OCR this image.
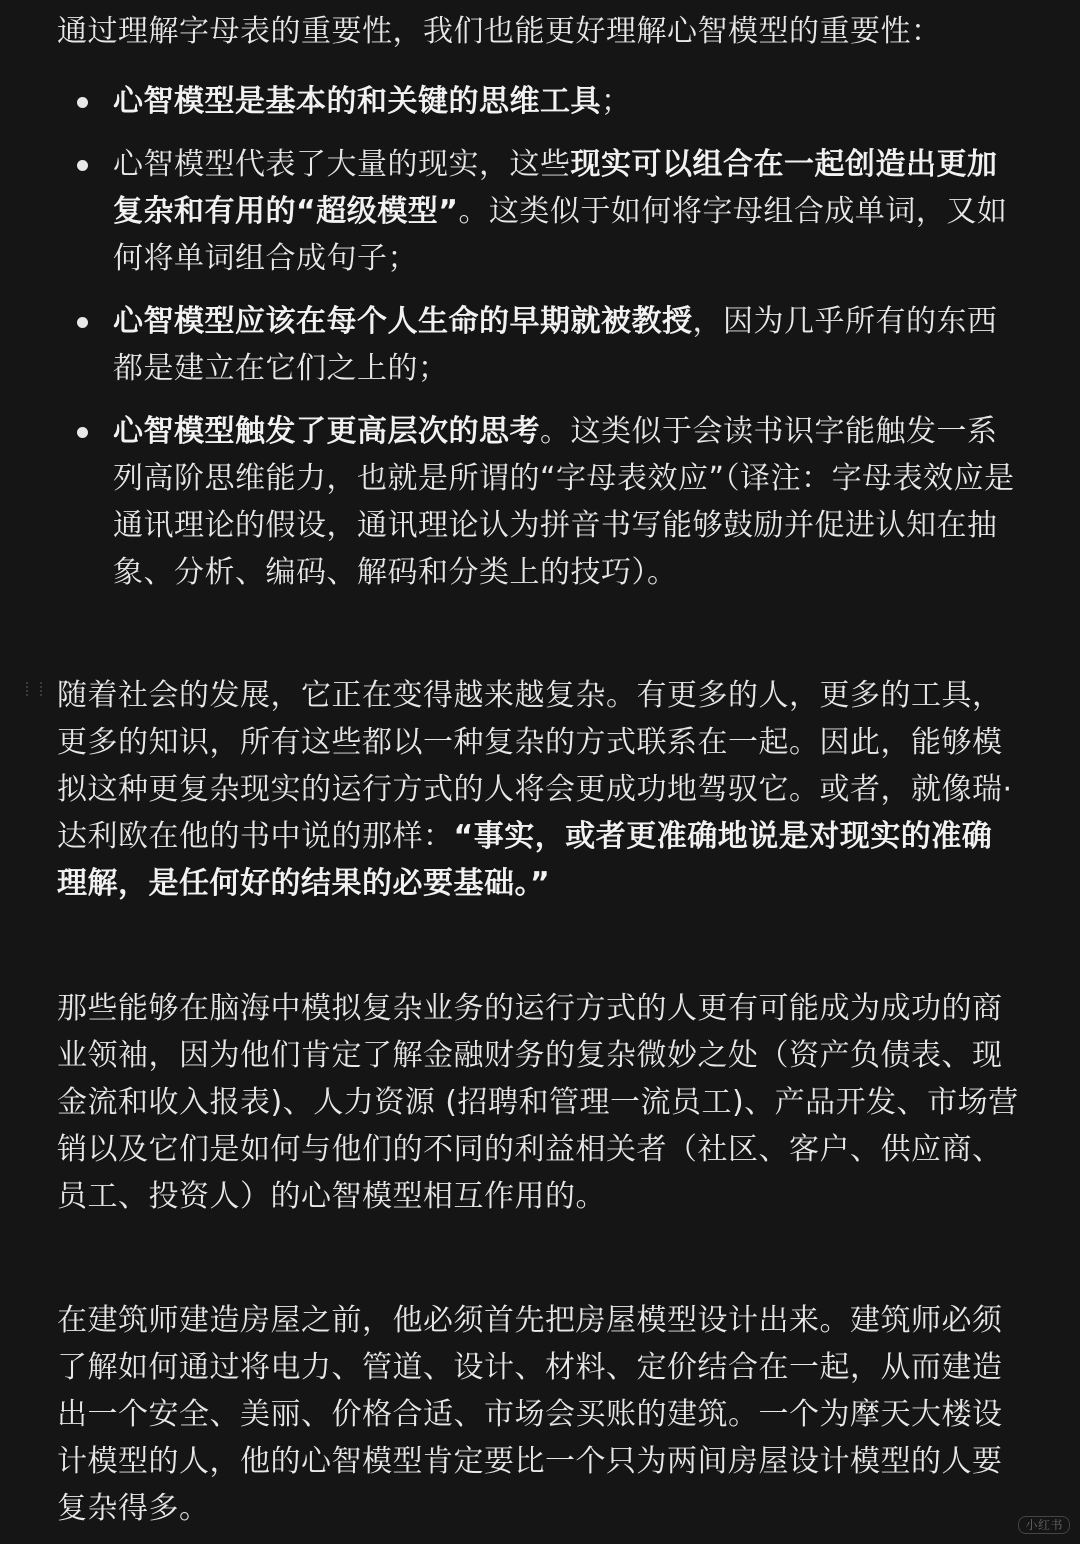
通过理解字母表的重要性，我们也能更好理解心智模型的重要性：

心智模型是基本的和关键的思维工具；
心智模型代表了大量的现实，这些现实可以组合在一起创造出更加复杂和有用的“超级模型”。这类似于如何将字母组合成单词，又如何将单词组合成句子；
心智模型应该在每个人生命的早期就被教授，因为几乎所有的东西都是建立在它们之上的；
心智模型触发了更高层次的思考。这类似于会读书识字能触发一系列高阶思维能力，也就是所谓的“字母表效应”（译注：字母表效应是通讯理论的假设，通讯理论认为拼音书写能够鼓励并促进认知在抽象、分析、编码、解码和分类上的技巧）。

随着社会的发展，它正在变得越来越复杂。有更多的人，更多的工具，更多的知识，所有这些都以一种复杂的方式联系在一起。因此，能够模拟这种更复杂现实的运行方式的人将会更成功地驾驭它。或者，就像瑞·达利欧在他的书中说的那样：“事实，或者更准确地说是对现实的准确理解，是任何好的结果的必要基础。”

那些能够在脑海中模拟复杂业务的运行方式的人更有可能成为成功的商业领袖，因为他们肯定了解金融财务的复杂微妙之处（资产负债表、现金流和收入报表)、人力资源 (招聘和管理一流员工)、产品开发、市场营销以及它们是如何与他们的不同的利益相关者（社区、客户、供应商、员工、投资人）的心智模型相互作用的。

在建筑师建造房屋之前，他必须首先把房屋模型设计出来。建筑师必须了解如何通过将电力、管道、设计、材料、定价结合在一起，从而建造出一个安全、美丽、价格合适、市场会买账的建筑。一个为摩天大楼设计模型的人，他的心智模型肯定要比一个只为两间房屋设计模型的人要复杂得多。	小红书
